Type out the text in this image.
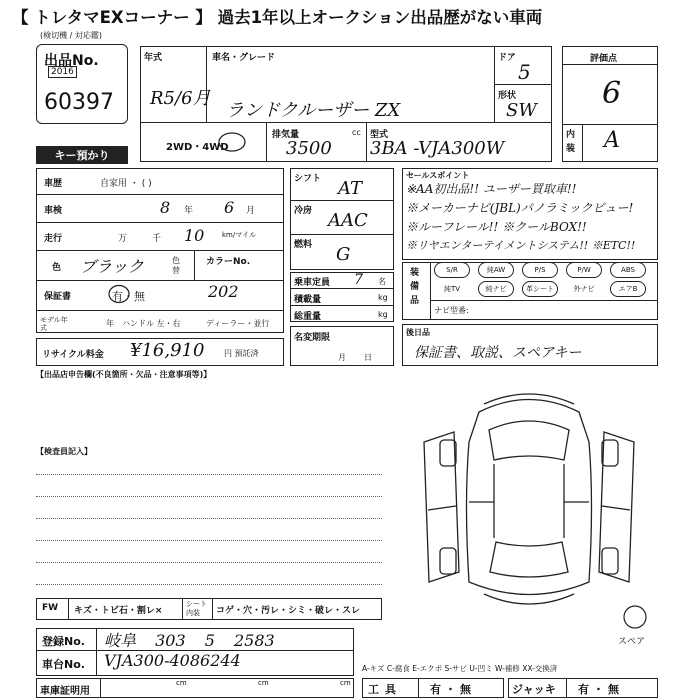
【 トレタマEXコーナー 】 過去1年以上オークション出品歴がない車両
(検切機 / 対応鑑)
出品No.
2016
60397
年式
R5/6月
車名・グレード
ランドクルーザー ZX
ドア
5
形状
SW
2WD・4WD
排気量	cc
3500
型式
3BA -VJA300W
評価点
6
内装 A
キー預かり
車歴	自家用 ・ ( )
車検	8 年 6 月
走行	万	千 10	km/マイル
色 ブラック	色替
カラーNo.
保証書	有・無	202
モデル年式	年 ハンドル 左・右	ディーラー・並行
リサイクル料金 ¥16,910 円 預託済
シフト AT
冷房 AAC
燃料 G
乗車定員 7 名
積載量	kg
総重量	kg
名変期限
月日
セールスポイント
※AA初出品!! ユーザー買取車!!
※メーカーナビ(JBL)パノラミックビュー!
※ルーフレール!! ※クールBOX!!
※リヤエンターテイメントシステム!! ※ETC!!
装備品
S/R	純AW	P/S	P/W	ABS
純TV	純ナビ	革シート	外ナビ	エアB
ナビ型番:
後日品
保証書、取説、スペアキー
【出品店申告欄(不良箇所・欠品・注意事項等)】
【検査員記入】
スペア
FW キズ・トビ石・割レ×
シート内装	コゲ・穴・汚レ・シミ・破レ・スレ
登録No. 岐阜 303 5 2583
車台No. VJA300-4086244	A-キズ C-腐食 E-エクボ S-サビ U-凹ミ W-補修 XX-交換済
車庫証明用
cm	cm	cm 工具	有・無	ジャッキ 有・無
